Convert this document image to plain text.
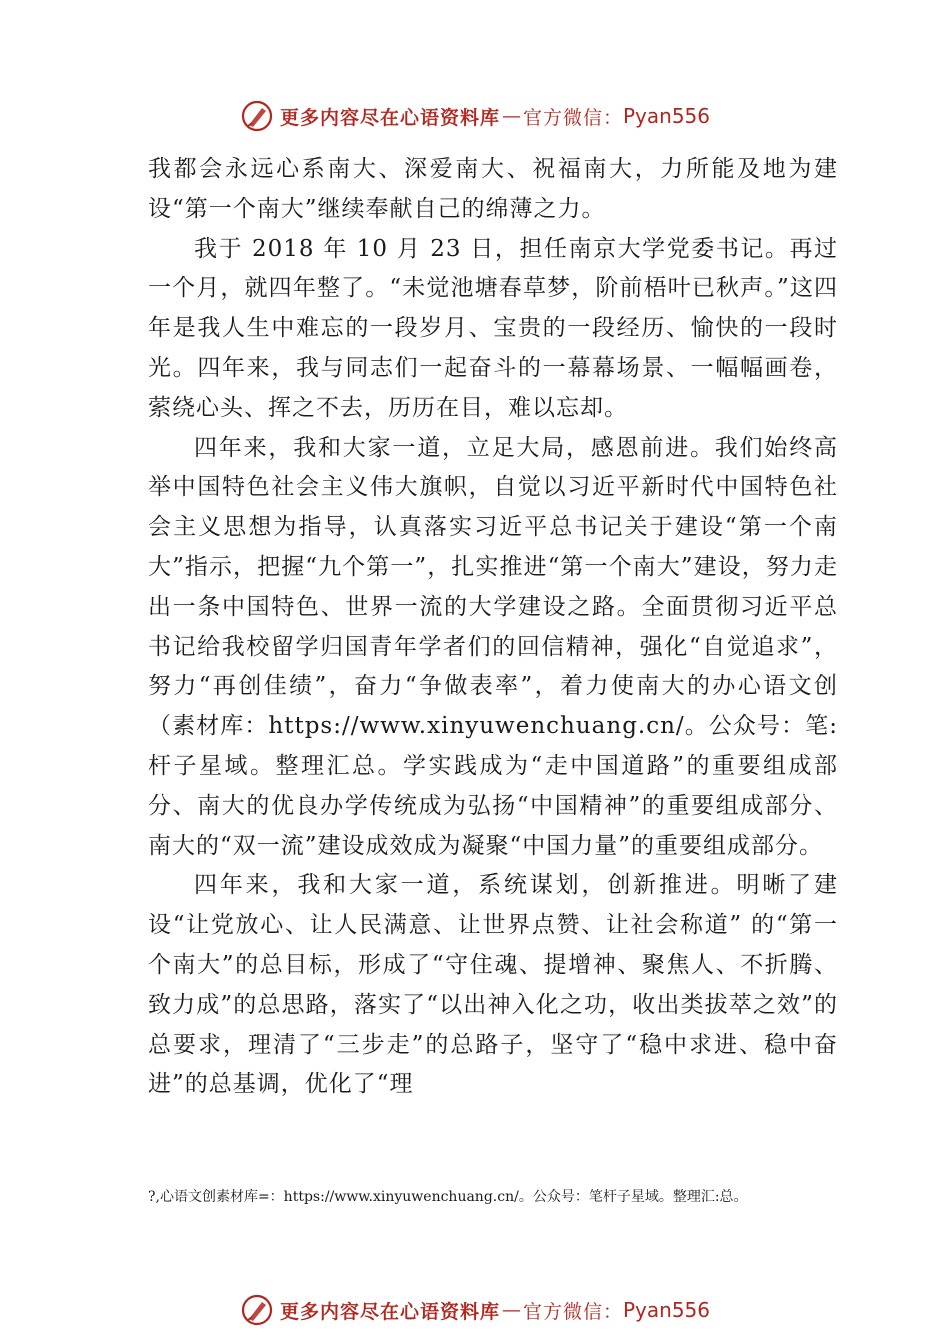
更多内容尽在心语资料库 — 官方微信： Pyan556

我都会永远心系南大、深爱南大、祝福南大，力所能及地为建设“第一个南大”继续奉献自己的绵薄之力。

我于 2018 年 10 月 23 日，担任南京大学党委书记。再过一个月，就四年整了。“未觉池塘春草梦，阶前梧叶已秋声。”这四年是我人生中难忘的一段岁月、宝贵的一段经历、愉快的一段时光。四年来，我与同志们一起奋斗的一幕幕场景、一幅幅画卷，萦绕心头、挥之不去，历历在目，难以忘却。

四年来，我和大家一道，立足大局，感恩前进。我们始终高举中国特色社会主义伟大旗帜，自觉以习近平新时代中国特色社会主义思想为指导，认真落实习近平总书记关于建设“第一个南大”指示，把握“九个第一”，扎实推进“第一个南大”建设，努力走出一条中国特色、世界一流的大学建设之路。全面贯彻习近平总书记给我校留学归国青年学者们的回信精神，强化“自觉追求”，努力“再创佳绩”，奋力“争做表率”，着力使南大的办心语文创（素材库：https://www.xinyuwenchuang.cn/。公众号：笔:杆子星域。整理汇总。学实践成为“走中国道路”的重要组成部分、南大的优良办学传统成为弘扬“中国精神”的重要组成部分、南大的“双一流”建设成效成为凝聚“中国力量”的重要组成部分。

四年来，我和大家一道，系统谋划，创新推进。明晰了建设“让党放心、让人民满意、让世界点赞、让社会称道” 的“第一个南大”的总目标，形成了“守住魂、提增神、聚焦人、不折腾、致力成”的总思路，落实了“以出神入化之功，收出类拔萃之效”的总要求，理清了“三步走”的总路子，坚守了“稳中求进、稳中奋进”的总基调，优化了“理

?,心语文创素材库=：https://www.xinyuwenchuang.cn/。公众号：笔杆子星域。整理汇:总。
更多内容尽在心语资料库 — 官方微信： Pyan556
